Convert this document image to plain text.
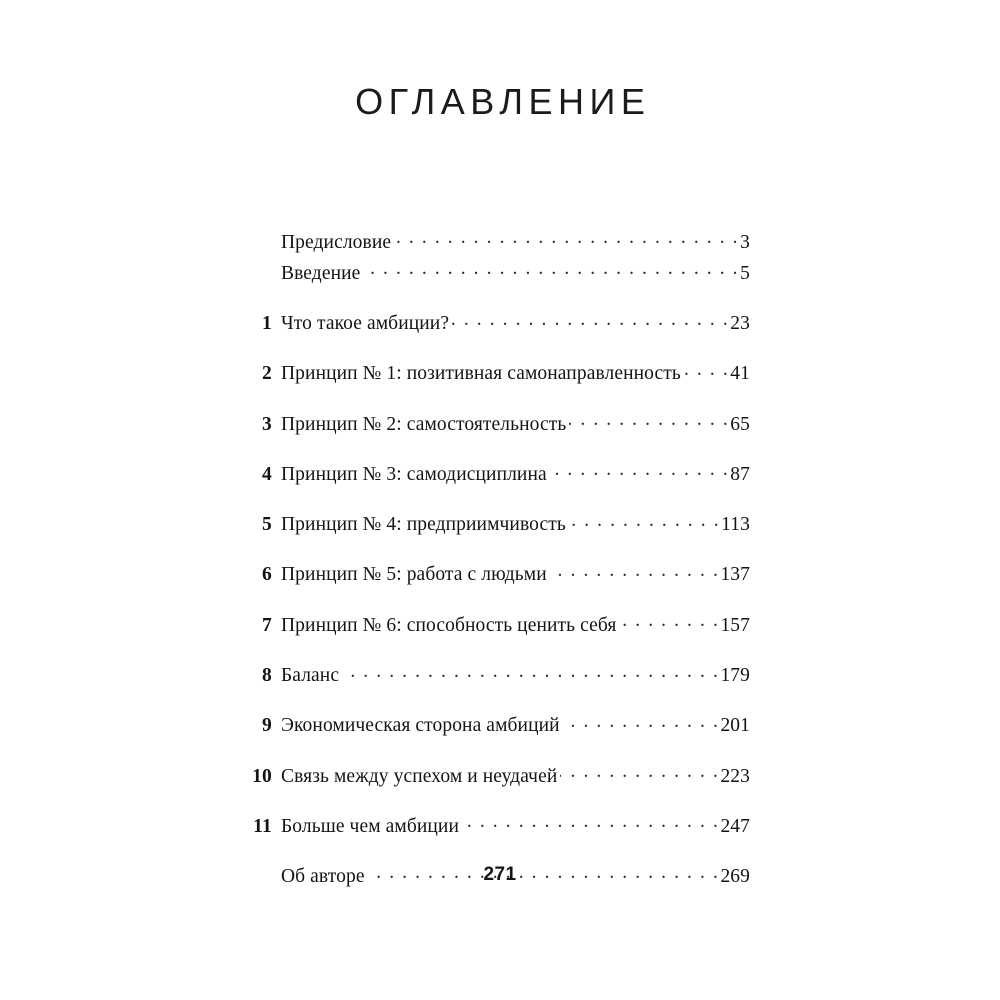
ОГЛАВЛЕНИЕ
Предисловие . . .	3
Введение . . .	5
1 Что такое амбиции? . . .	23
2 Принцип № 1: позитивная самонаправленность . . .	41
3 Принцип № 2: самостоятельность . . .	65
4 Принцип № 3: самодисциплина . . .	87
5 Принцип № 4: предприимчивость . . .	113
6 Принцип № 5: работа с людьми . . .	137
7 Принцип № 6: способность ценить себя . . .	157
8 Баланс . . .	179
9 Экономическая сторона амбиций . . .	201
10 Связь между успехом и неудачей . . .	223
11 Больше чем амбиции . . .	247
Об авторе . . .	269
271
